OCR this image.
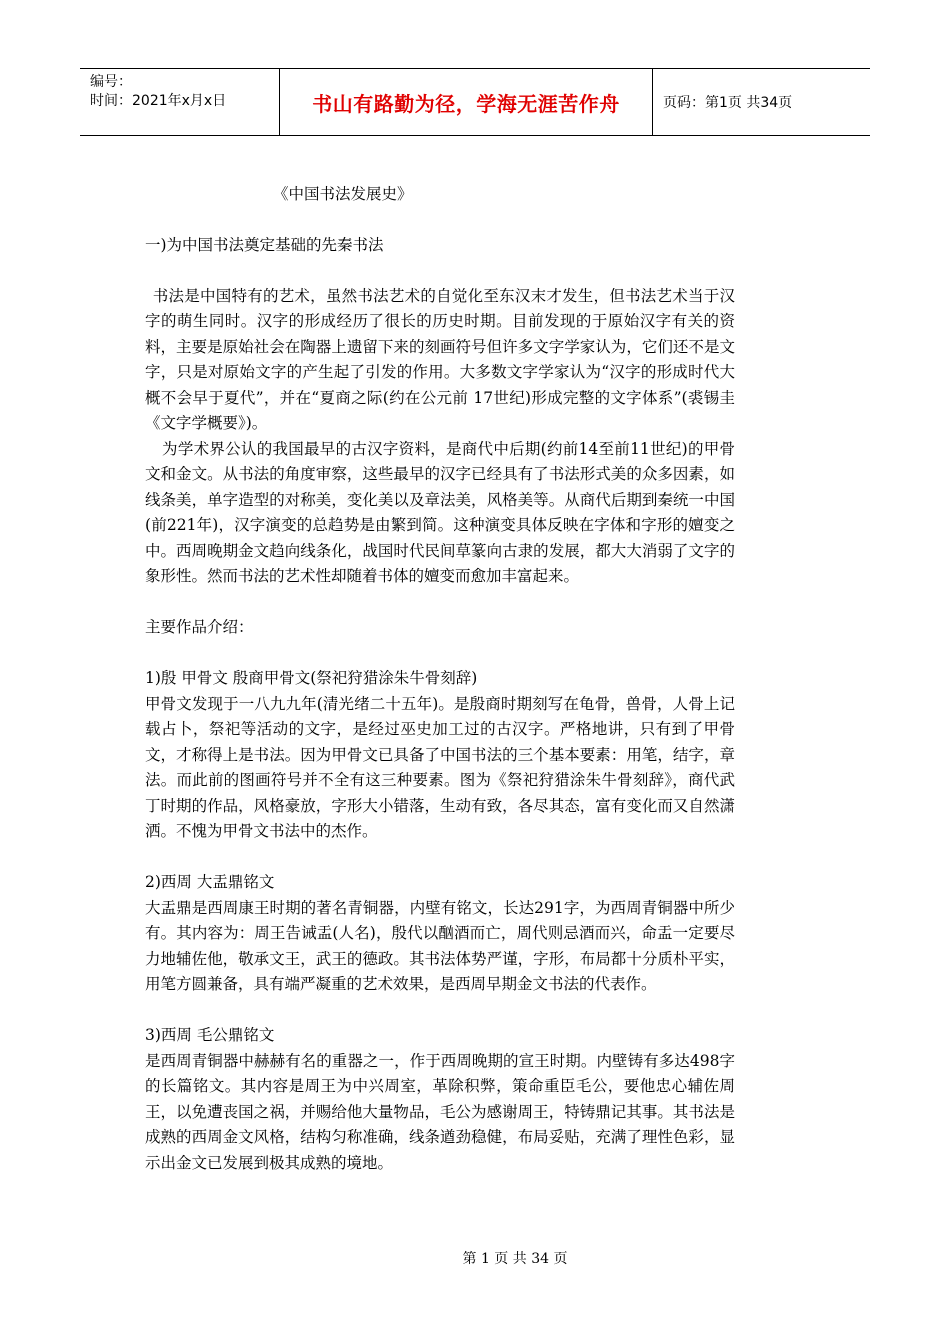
编号：
时间：2021年x月x日	书山有路勤为径，学海无涯苦作舟	页码：第1页 共34页
《中国书法发展史》
一)为中国书法奠定基础的先秦书法

书法是中国特有的艺术，虽然书法艺术的自觉化至东汉末才发生，但书法艺术当于汉字的萌生同时。汉字的形成经历了很长的历史时期。目前发现的于原始汉字有关的资料，主要是原始社会在陶器上遗留下来的刻画符号但许多文字学家认为，它们还不是文字，只是对原始文字的产生起了引发的作用。大多数文字学家认为“汉字的形成时代大概不会早于夏代”，并在“夏商之际(约在公元前 17世纪)形成完整的文字体系”(裘锡圭《文字学概要》)。

为学术界公认的我国最早的古汉字资料，是商代中后期(约前14至前11世纪)的甲骨文和金文。从书法的角度审察，这些最早的汉字已经具有了书法形式美的众多因素，如线条美，单字造型的对称美，变化美以及章法美，风格美等。从商代后期到秦统一中国(前221年)，汉字演变的总趋势是由繁到简。这种演变具体反映在字体和字形的嬗变之中。西周晚期金文趋向线条化，战国时代民间草篆向古隶的发展，都大大消弱了文字的象形性。然而书法的艺术性却随着书体的嬗变而愈加丰富起来。

主要作品介绍：

1)殷 甲骨文 殷商甲骨文(祭祀狩猎涂朱牛骨刻辞)

甲骨文发现于一八九九年(清光绪二十五年)。是殷商时期刻写在龟骨，兽骨，人骨上记载占卜，祭祀等活动的文字，是经过巫史加工过的古汉字。严格地讲，只有到了甲骨文，才称得上是书法。因为甲骨文已具备了中国书法的三个基本要素：用笔，结字，章法。而此前的图画符号并不全有这三种要素。图为《祭祀狩猎涂朱牛骨刻辞》，商代武丁时期的作品，风格豪放，字形大小错落，生动有致，各尽其态，富有变化而又自然潇洒。不愧为甲骨文书法中的杰作。

2)西周 大盂鼎铭文

大盂鼎是西周康王时期的著名青铜器，内壁有铭文，长达291字，为西周青铜器中所少有。其内容为：周王告诫盂(人名)，殷代以酗酒而亡，周代则忌酒而兴，命盂一定要尽力地辅佐他，敬承文王，武王的德政。其书法体势严谨，字形，布局都十分质朴平实，用笔方圆兼备，具有端严凝重的艺术效果，是西周早期金文书法的代表作。

3)西周 毛公鼎铭文

是西周青铜器中赫赫有名的重器之一，作于西周晚期的宣王时期。内壁铸有多达498字的长篇铭文。其内容是周王为中兴周室，革除积弊，策命重臣毛公，要他忠心辅佐周王，以免遭丧国之祸，并赐给他大量物品，毛公为感谢周王，特铸鼎记其事。其书法是成熟的西周金文风格，结构匀称准确，线条遒劲稳健，布局妥贴，充满了理性色彩，显示出金文已发展到极其成熟的境地。

第 1 页 共 34 页
